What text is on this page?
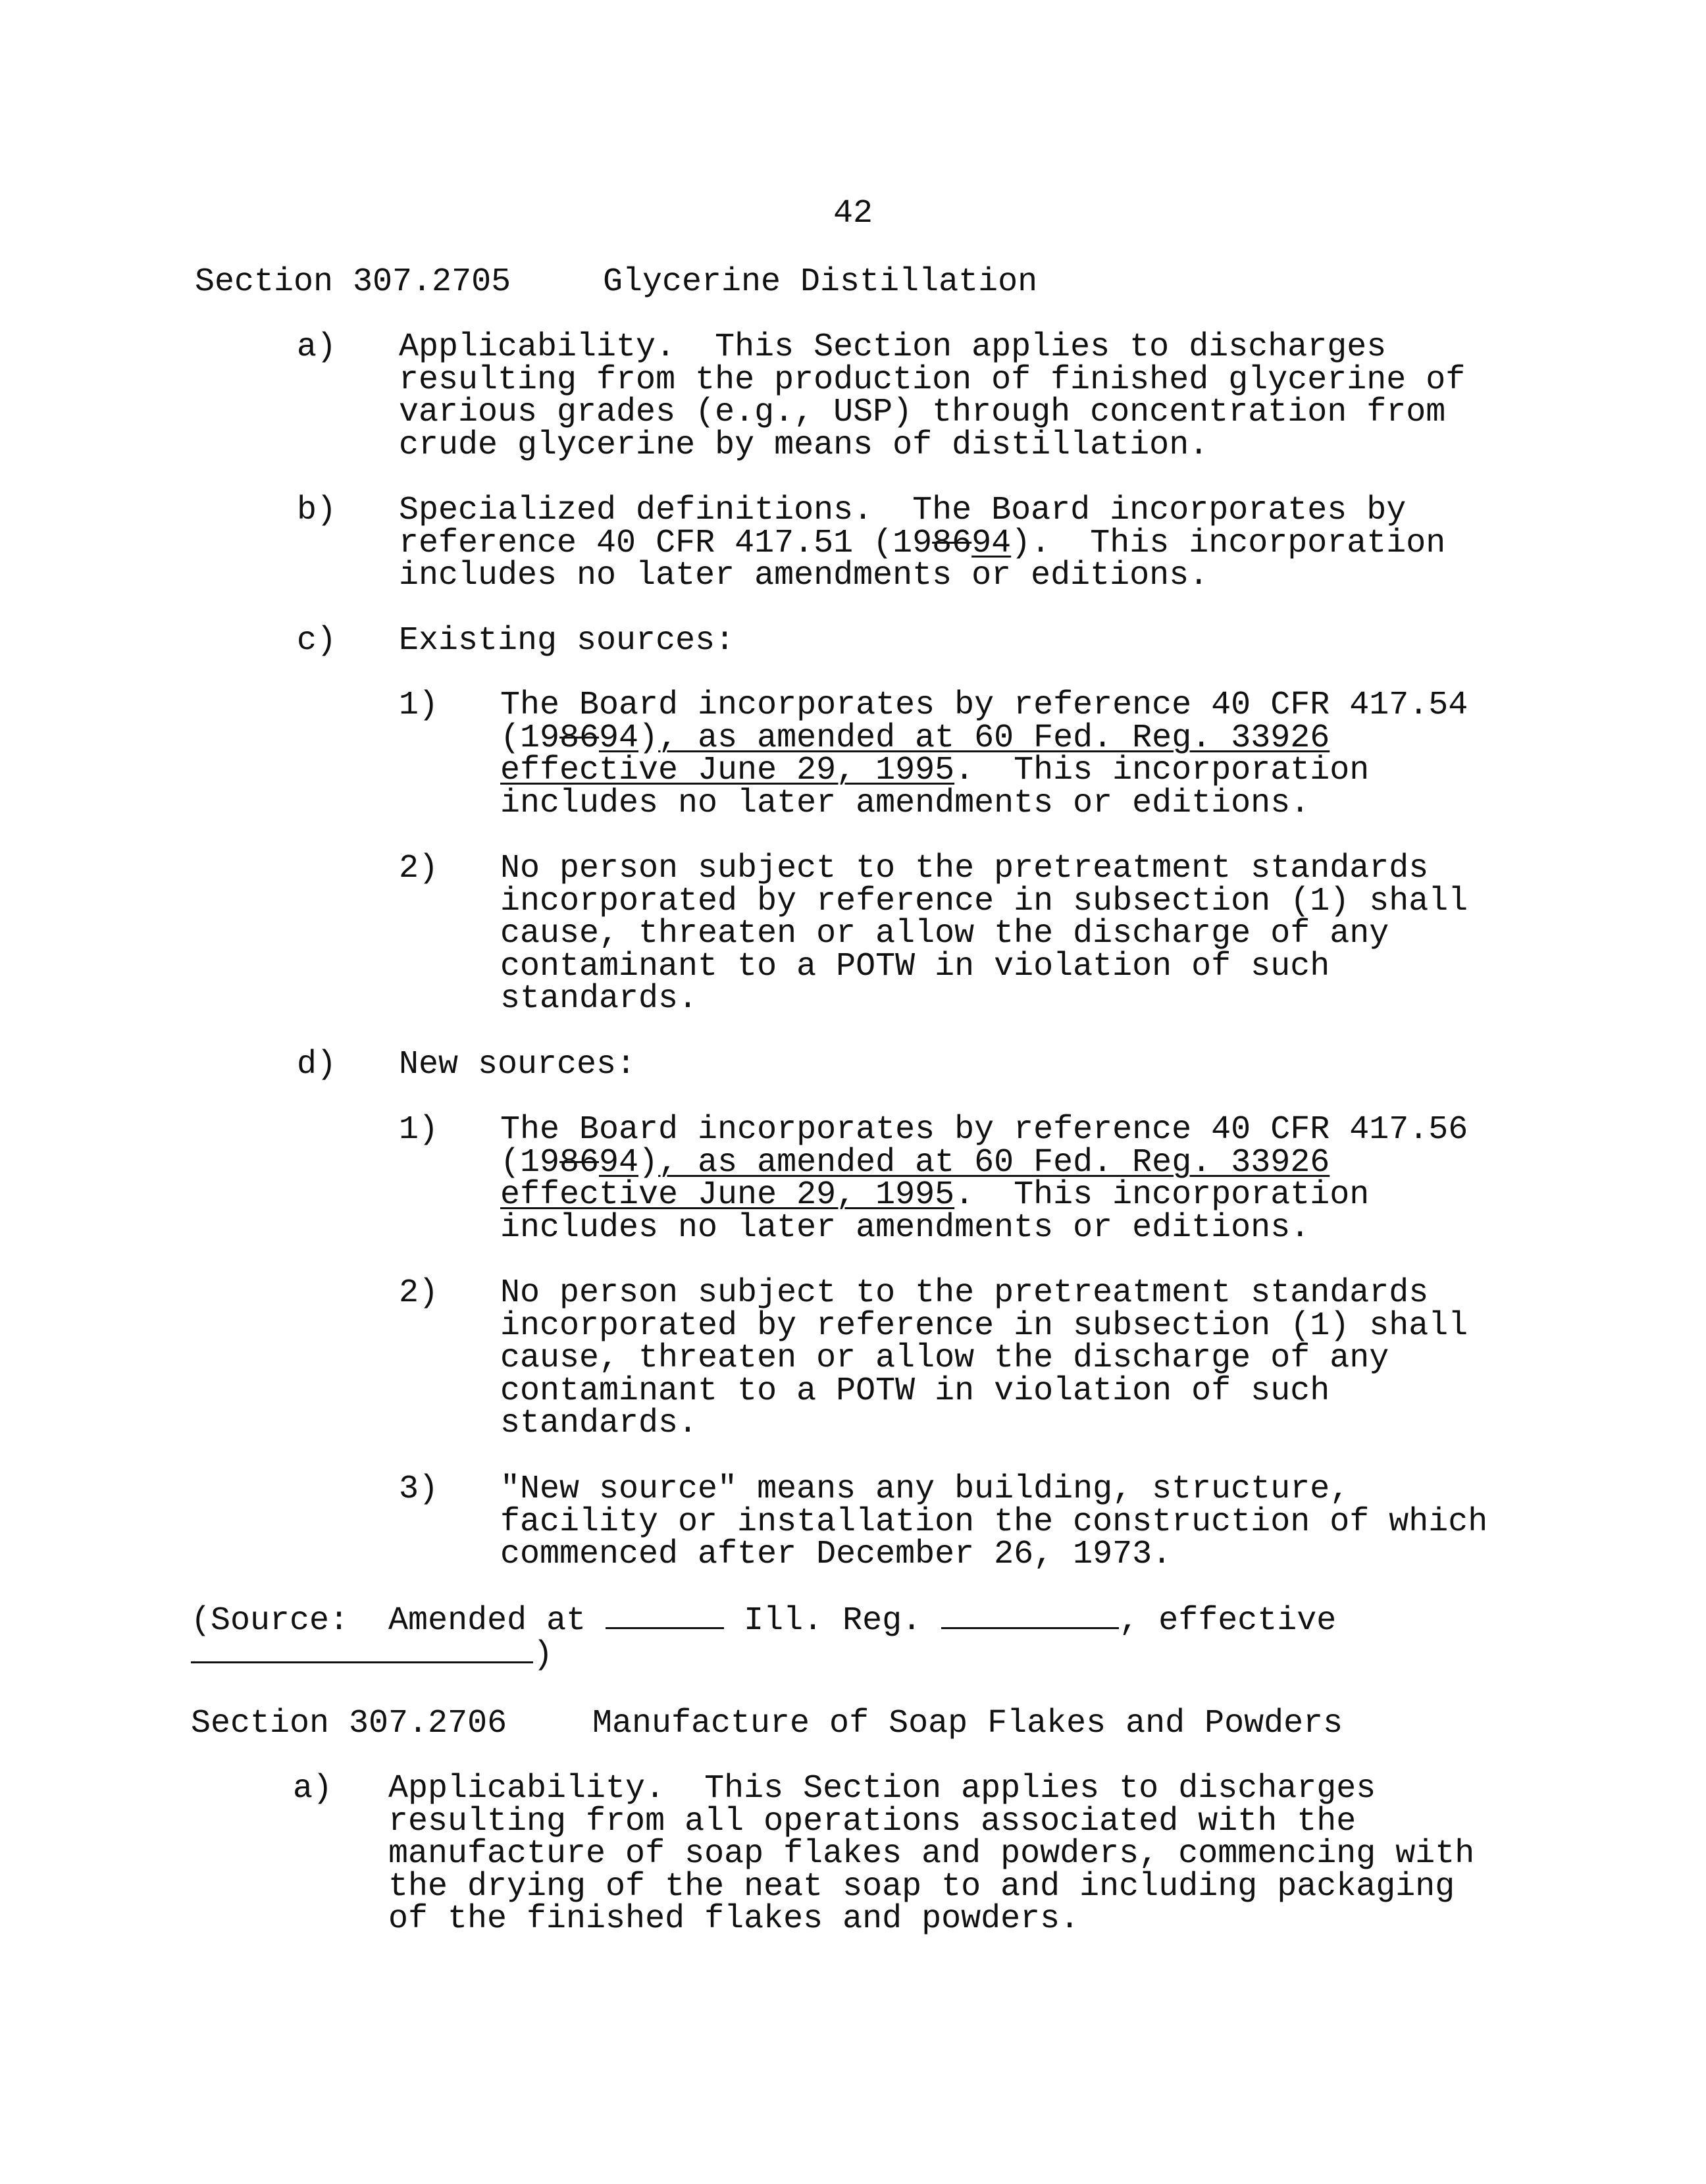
42
Section 307.2705	Glycerine Distillation
a) Applicability.  This Section applies to discharges
resulting from the production of finished glycerine of
various grades (e.g., USP) through concentration from
crude glycerine by means of distillation.
b) Specialized definitions.  The Board incorporates by
reference 40 CFR 417.51 (198694).  This incorporation
includes no later amendments or editions.
c) Existing sources:
1) The Board incorporates by reference 40 CFR 417.54
(198694), as amended at 60 Fed. Reg. 33926
effective June 29, 1995.  This incorporation
includes no later amendments or editions.
2) No person subject to the pretreatment standards
incorporated by reference in subsection (1) shall
cause, threaten or allow the discharge of any
contaminant to a POTW in violation of such
standards.
d) New sources:
1) The Board incorporates by reference 40 CFR 417.56
(198694), as amended at 60 Fed. Reg. 33926
effective June 29, 1995.  This incorporation
includes no later amendments or editions.
2) No person subject to the pretreatment standards
incorporated by reference in subsection (1) shall
cause, threaten or allow the discharge of any
contaminant to a POTW in violation of such
standards.
3) "New source" means any building, structure,
facility or installation the construction of which
commenced after December 26, 1973.
(Source:  Amended at	Ill. Reg.	, effective
)
Section 307.2706	Manufacture of Soap Flakes and Powders
a) Applicability.  This Section applies to discharges
resulting from all operations associated with the
manufacture of soap flakes and powders, commencing with
the drying of the neat soap to and including packaging
of the finished flakes and powders.
